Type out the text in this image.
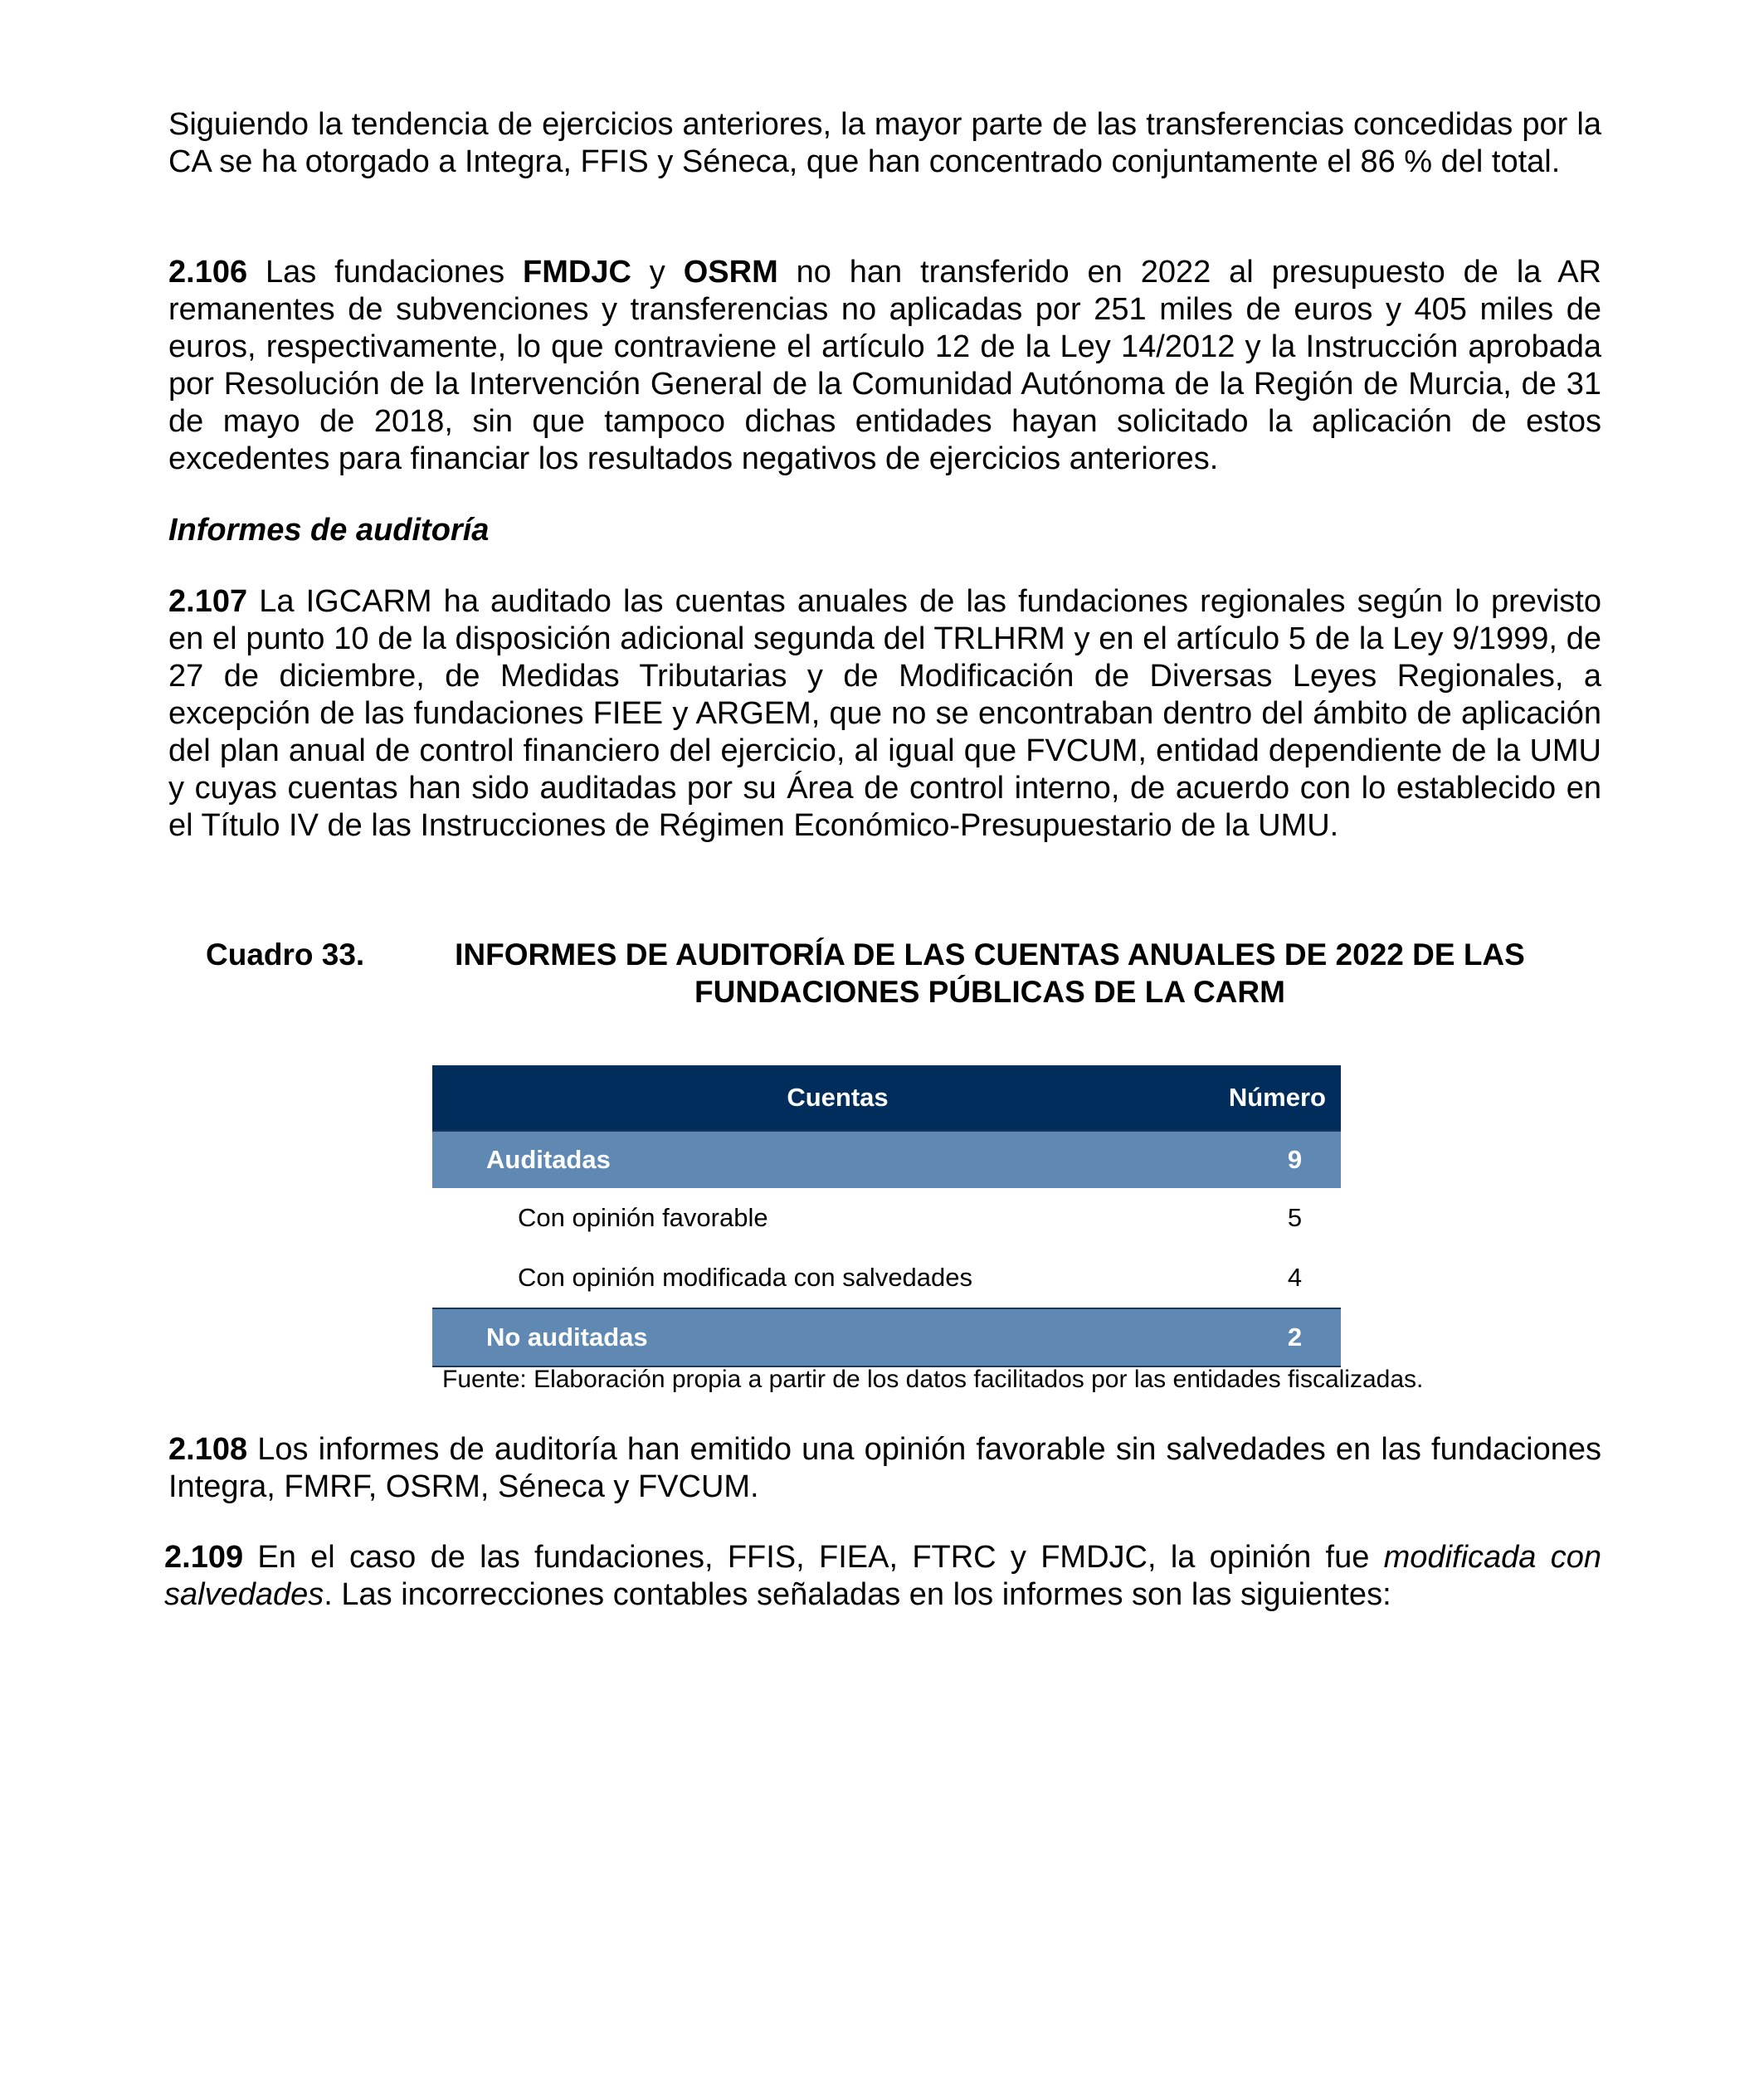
Siguiendo la tendencia de ejercicios anteriores, la mayor parte de las transferencias concedidas por la CA se ha otorgado a Integra, FFIS y Séneca, que han concentrado conjuntamente el 86 % del total.

2.106 Las fundaciones FMDJC y OSRM no han transferido en 2022 al presupuesto de la AR remanentes de subvenciones y transferencias no aplicadas por 251 miles de euros y 405 miles de euros, respectivamente, lo que contraviene el artículo 12 de la Ley 14/2012 y la Instrucción aprobada por Resolución de la Intervención General de la Comunidad Autónoma de la Región de Murcia, de 31 de mayo de 2018, sin que tampoco dichas entidades hayan solicitado la aplicación de estos excedentes para financiar los resultados negativos de ejercicios anteriores.

Informes de auditoría

2.107 La IGCARM ha auditado las cuentas anuales de las fundaciones regionales según lo previsto en el punto 10 de la disposición adicional segunda del TRLHRM y en el artículo 5 de la Ley 9/1999, de 27 de diciembre, de Medidas Tributarias y de Modificación de Diversas Leyes Regionales, a excepción de las fundaciones FIEE y ARGEM, que no se encontraban dentro del ámbito de aplicación del plan anual de control financiero del ejercicio, al igual que FVCUM, entidad dependiente de la UMU y cuyas cuentas han sido auditadas por su Área de control interno, de acuerdo con lo establecido en el Título IV de las Instrucciones de Régimen Económico-Presupuestario de la UMU.

Cuadro 33.	INFORMES DE AUDITORÍA DE LAS CUENTAS ANUALES DE 2022 DE LAS FUNDACIONES PÚBLICAS DE LA CARM
Cuentas	Número
Auditadas	9
Con opinión favorable	5
Con opinión modificada con salvedades	4
No auditadas	2
Fuente: Elaboración propia a partir de los datos facilitados por las entidades fiscalizadas.

2.108 Los informes de auditoría han emitido una opinión favorable sin salvedades en las fundaciones Integra, FMRF, OSRM, Séneca y FVCUM.

2.109 En el caso de las fundaciones, FFIS, FIEA, FTRC y FMDJC, la opinión fue modificada con salvedades. Las incorrecciones contables señaladas en los informes son las siguientes:
